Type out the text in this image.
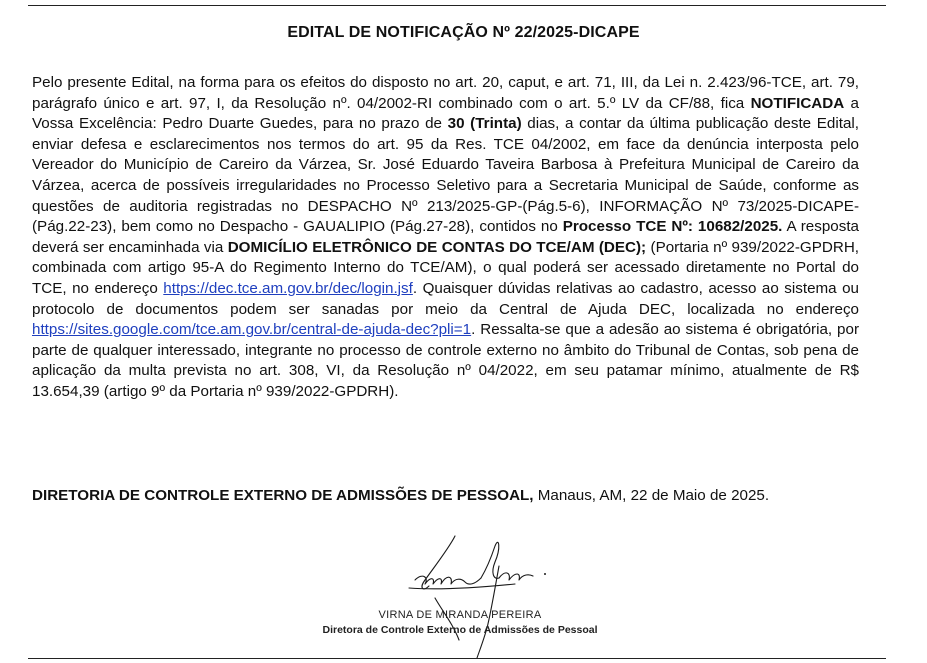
EDITAL DE NOTIFICAÇÃO Nº 22/2025-DICAPE
Pelo presente Edital, na forma para os efeitos do disposto no art. 20, caput, e art. 71, III, da Lei n. 2.423/96-TCE, art. 79, parágrafo único e art. 97, I, da Resolução nº. 04/2002-RI combinado com o art. 5.º LV da CF/88, fica NOTIFICADA a Vossa Excelência: Pedro Duarte Guedes, para no prazo de 30 (Trinta) dias, a contar da última publicação deste Edital, enviar defesa e esclarecimentos nos termos do art. 95 da Res. TCE 04/2002, em face da denúncia interposta pelo Vereador do Município de Careiro da Várzea, Sr. José Eduardo Taveira Barbosa à Prefeitura Municipal de Careiro da Várzea, acerca de possíveis irregularidades no Processo Seletivo para a Secretaria Municipal de Saúde, conforme as questões de auditoria registradas no DESPACHO Nº 213/2025-GP-(Pág.5-6), INFORMAÇÃO Nº 73/2025-DICAPE-(Pág.22-23), bem como no Despacho - GAUALIPIO (Pág.27-28), contidos no Processo TCE Nº: 10682/2025. A resposta deverá ser encaminhada via DOMICÍLIO ELETRÔNICO DE CONTAS DO TCE/AM (DEC); (Portaria nº 939/2022-GPDRH, combinada com artigo 95-A do Regimento Interno do TCE/AM), o qual poderá ser acessado diretamente no Portal do TCE, no endereço https://dec.tce.am.gov.br/dec/login.jsf. Quaisquer dúvidas relativas ao cadastro, acesso ao sistema ou protocolo de documentos podem ser sanadas por meio da Central de Ajuda DEC, localizada no endereço https://sites.google.com/tce.am.gov.br/central-de-ajuda-dec?pli=1. Ressalta-se que a adesão ao sistema é obrigatória, por parte de qualquer interessado, integrante no processo de controle externo no âmbito do Tribunal de Contas, sob pena de aplicação da multa prevista no art. 308, VI, da Resolução nº 04/2022, em seu patamar mínimo, atualmente de R$ 13.654,39 (artigo 9º da Portaria nº 939/2022-GPDRH).
DIRETORIA DE CONTROLE EXTERNO DE ADMISSÕES DE PESSOAL, Manaus, AM, 22 de Maio de 2025.
VIRNA DE MIRANDA PEREIRA
Diretora de Controle Externo de Admissões de Pessoal
